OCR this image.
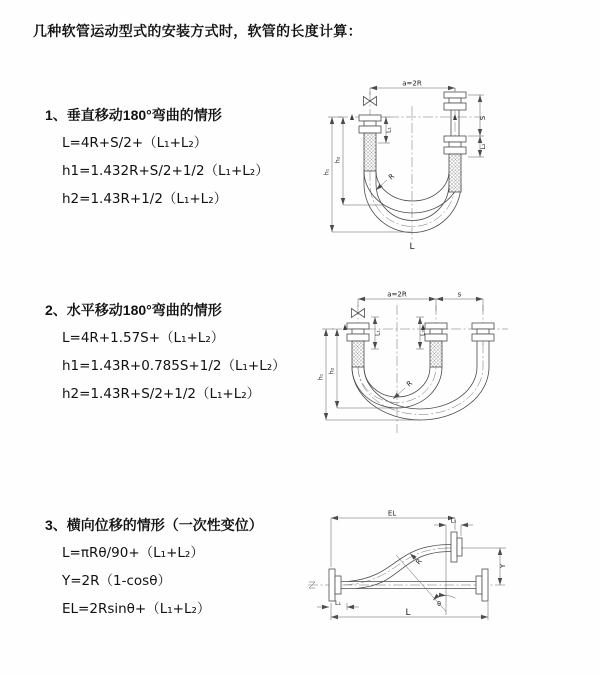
几种软管运动型式的安装方式时，软管的长度计算：
1、垂直移动180°弯曲的情形
L=4R+S/2+（L₁+L₂）
h1=1.432R+S/2+1/2（L₁+L₂）
h2=1.43R+1/2（L₁+L₂）
a=2R
S
L₂
L₁
h₁
h₂
R
L
2、水平移动180°弯曲的情形
L=4R+1.57S+（L₁+L₂）
h1=1.43R+0.785S+1/2（L₁+L₂）
h2=1.43R+S/2+1/2（L₁+L₂）
a=2R	s
L₁	L₂
h₁
h₂
R
3、横向位移的情形（一次性变位）
L=πRθ/90+（L₁+L₂）
Y=2R（1-cosθ）
EL=2Rsinθ+（L₁+L₂）	θ
EL
L₁
Y
R
L
L₁
